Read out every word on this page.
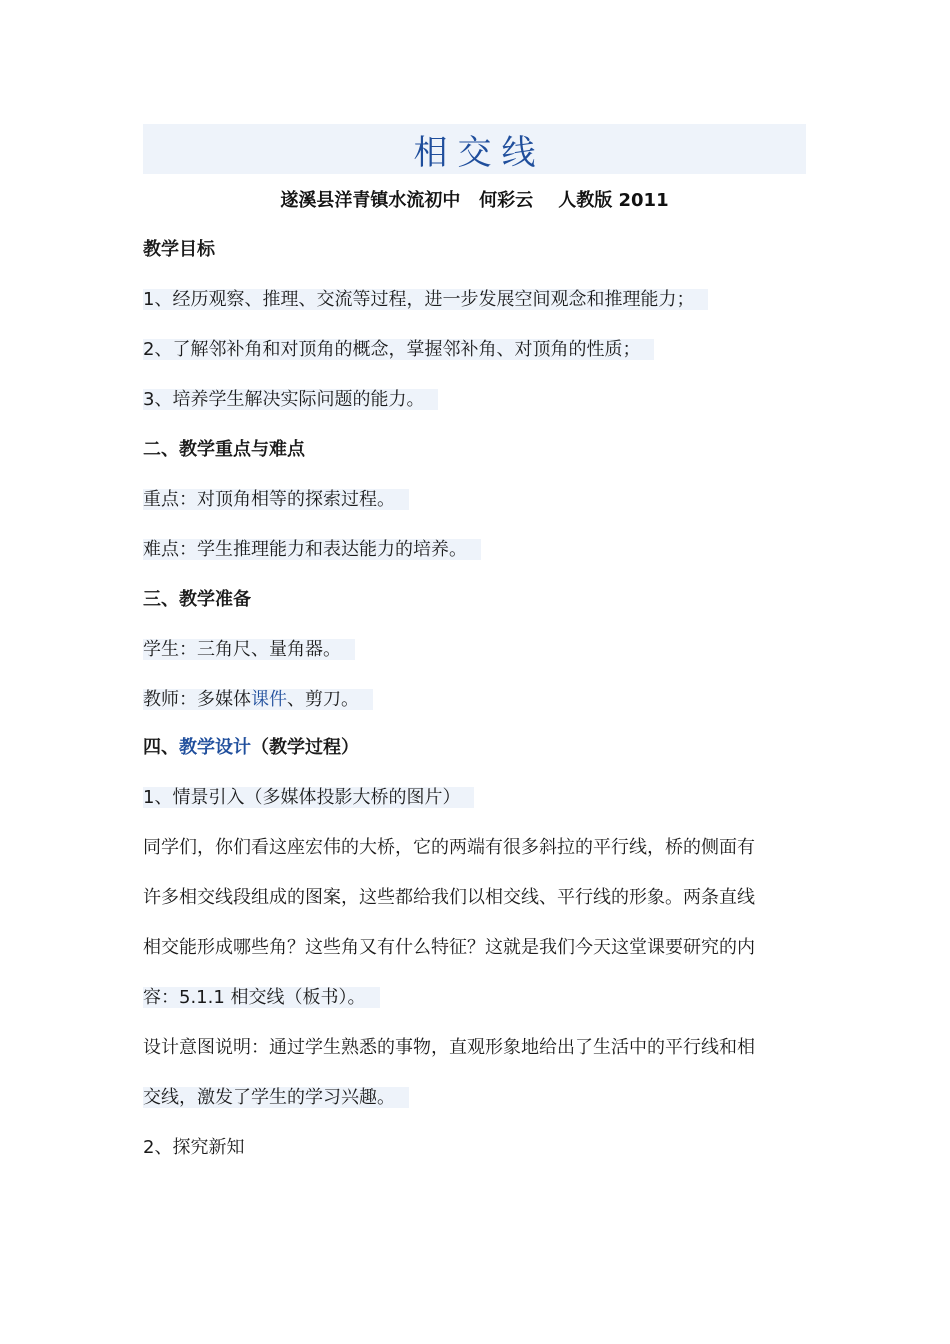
相交线
遂溪县洋青镇水流初中   何彩云    人教版 2011
教学目标
1、经历观察、推理、交流等过程，进一步发展空间观念和推理能力；
2、了解邻补角和对顶角的概念，掌握邻补角、对顶角的性质；
3、培养学生解决实际问题的能力。
二、教学重点与难点
重点：对顶角相等的探索过程。
难点：学生推理能力和表达能力的培养。
三、教学准备
学生：三角尺、量角器。
教师：多媒体课件、剪刀。
四、教学设计（教学过程）
1、情景引入（多媒体投影大桥的图片）
同学们，你们看这座宏伟的大桥，它的两端有很多斜拉的平行线，桥的侧面有
许多相交线段组成的图案，这些都给我们以相交线、平行线的形象。两条直线
相交能形成哪些角？这些角又有什么特征？这就是我们今天这堂课要研究的内
容：5.1.1 相交线（板书）。
设计意图说明：通过学生熟悉的事物，直观形象地给出了生活中的平行线和相
交线，激发了学生的学习兴趣。
2、探究新知
